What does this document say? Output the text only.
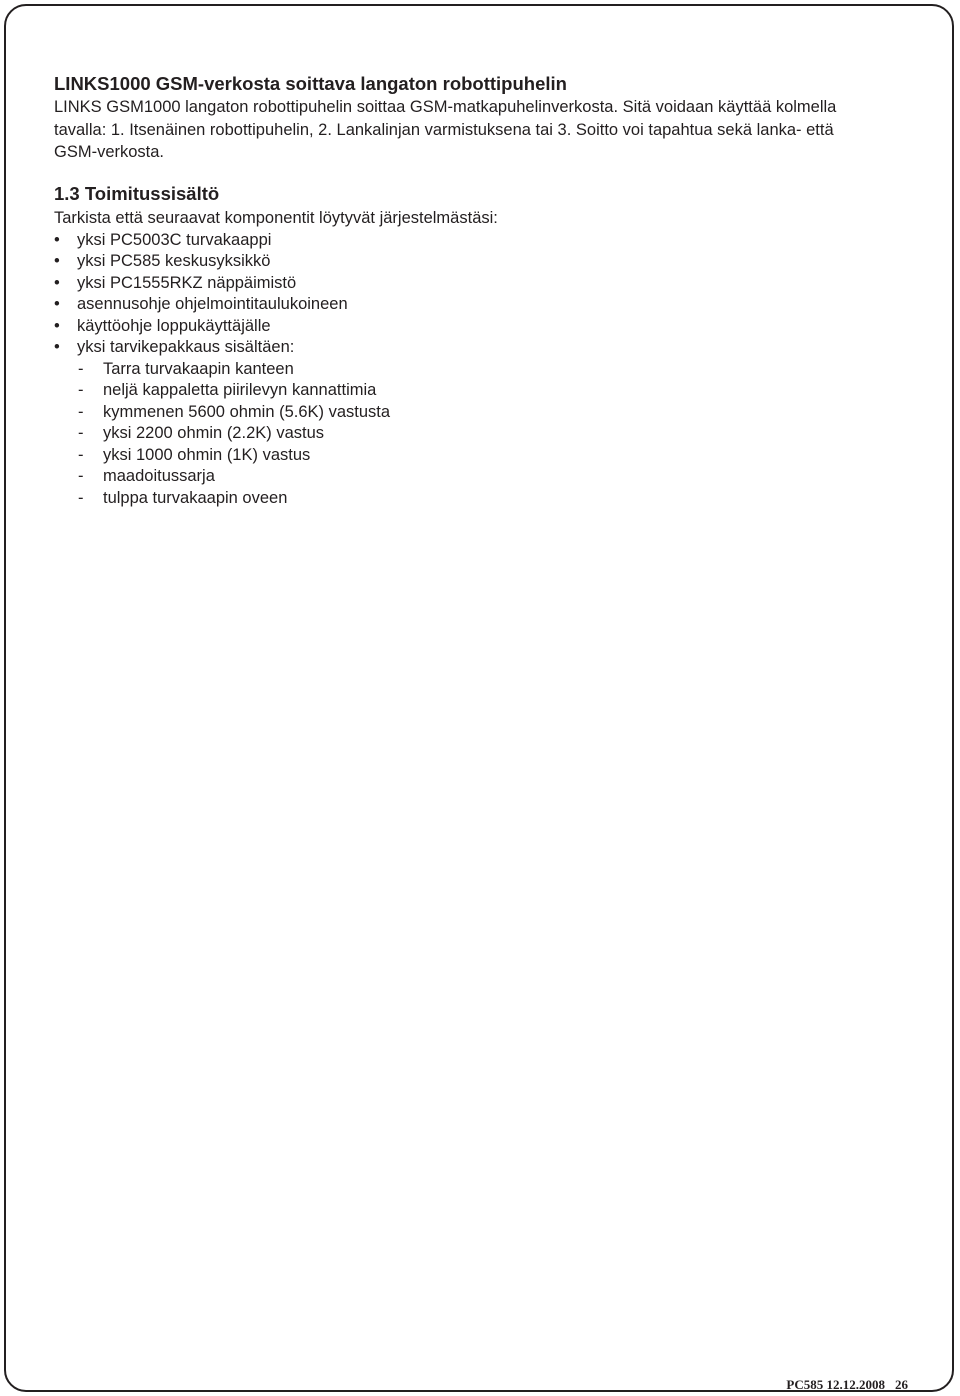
LINKS1000 GSM-verkosta soittava langaton robottipuhelin

LINKS GSM1000 langaton robottipuhelin soittaa GSM-matkapuhelinverkosta. Sitä voidaan käyttää kolmella
tavalla: 1. Itsenäinen robottipuhelin, 2. Lankalinjan varmistuksena tai 3. Soitto voi tapahtua sekä lanka- että
GSM-verkosta.

1.3 Toimitussisältö

Tarkista että seuraavat komponentit löytyvät järjestelmästäsi:

•	yksi PC5003C turvakaappi
•	yksi PC585 keskusyksikkö
•	yksi PC1555RKZ näppäimistö
•	asennusohje ohjelmointitaulukoineen
•	käyttöohje loppukäyttäjälle
•	yksi tarvikepakkaus sisältäen:
- Tarra turvakaapin kanteen
- neljä kappaletta piirilevyn kannattimia
- kymmenen 5600 ohmin (5.6K) vastusta
- yksi 2200 ohmin (2.2K) vastus
- yksi 1000 ohmin (1K) vastus
- maadoitussarja
- tulppa turvakaapin oveen
PC585 12.12.2008 26
